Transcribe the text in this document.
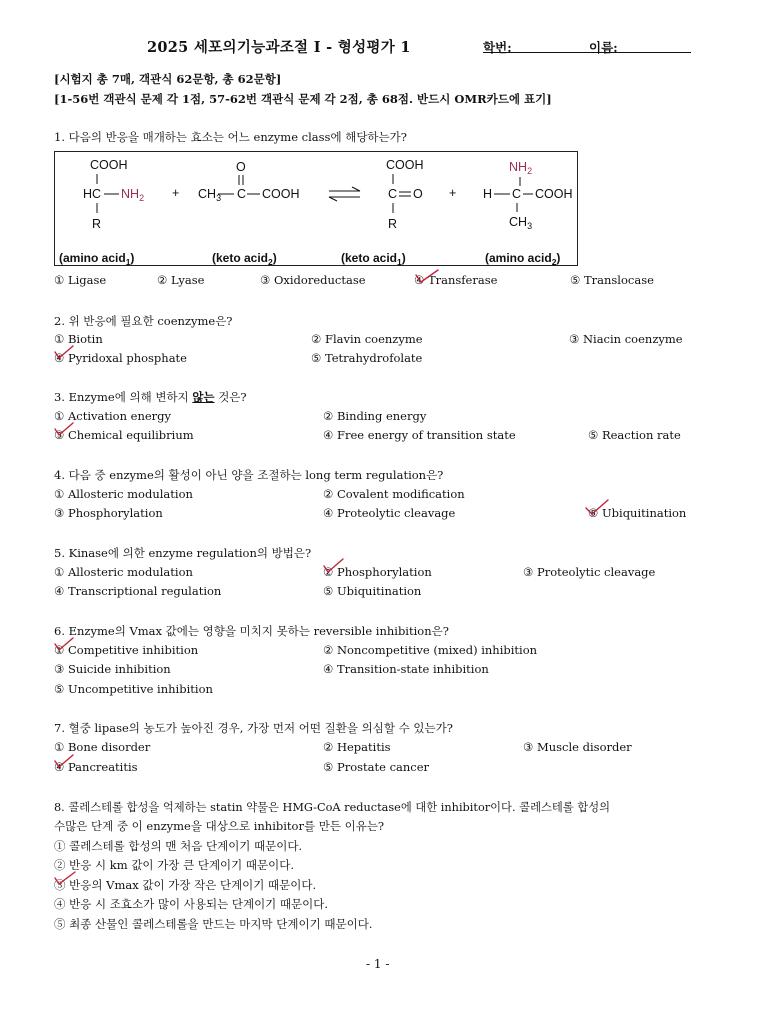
2025 세포의기능과조절 I - 형성평가 1	학번:	이름:
[시험지 총 7매, 객관식 62문항, 총 62문항]
[1-56번 객관식 문제 각 1점, 57-62번 객관식 문제 각 2점, 총 68점. 반드시 OMR카드에 표기]
1. 다음의 반응을 매개하는 효소는 어느 enzyme class에 해당하는가?
COOH
HC $NH_2$
R
+
O
$CH_3$ C COOH
COOH
C O
R
+
$NH_2$
H C COOH
$CH_3$
(amino acid$_1$)	(keto acid$_2$)	(keto acid$_1$)	(amino acid$_2$)
① Ligase	② Lyase	③ Oxidoreductase	④ Transferase	⑤ Translocase
2. 위 반응에 필요한 coenzyme은?
① Biotin	② Flavin coenzyme	③ Niacin coenzyme
④ Pyridoxal phosphate	⑤ Tetrahydrofolate
3. Enzyme에 의해 변하지 않는 것은?
① Activation energy	② Binding energy
③ Chemical equilibrium	④ Free energy of transition state	⑤ Reaction rate
4. 다음 중 enzyme의 활성이 아닌 양을 조절하는 long term regulation은?
① Allosteric modulation	② Covalent modification
③ Phosphorylation	④ Proteolytic cleavage	⑤ Ubiquitination
5. Kinase에 의한 enzyme regulation의 방법은?
① Allosteric modulation	② Phosphorylation	③ Proteolytic cleavage
④ Transcriptional regulation	⑤ Ubiquitination
6. Enzyme의 Vmax 값에는 영향을 미치지 못하는 reversible inhibition은?
① Competitive inhibition	② Noncompetitive (mixed) inhibition
③ Suicide inhibition	④ Transition-state inhibition
⑤ Uncompetitive inhibition
7. 혈중 lipase의 농도가 높아진 경우, 가장 먼저 어떤 질환을 의심할 수 있는가?
① Bone disorder	② Hepatitis	③ Muscle disorder
④ Pancreatitis	⑤ Prostate cancer
8. 콜레스테롤 합성을 억제하는 statin 약물은 HMG-CoA reductase에 대한 inhibitor이다. 콜레스테롤 합성의
수많은 단계 중 이 enzyme을 대상으로 inhibitor를 만든 이유는?
① 콜레스테롤 합성의 맨 처음 단계이기 때문이다.
② 반응 시 km 값이 가장 큰 단계이기 때문이다.
③ 반응의 Vmax 값이 가장 작은 단계이기 때문이다.
④ 반응 시 조효소가 많이 사용되는 단계이기 때문이다.
⑤ 최종 산물인 콜레스테롤을 만드는 마지막 단계이기 때문이다.
- 1 -
